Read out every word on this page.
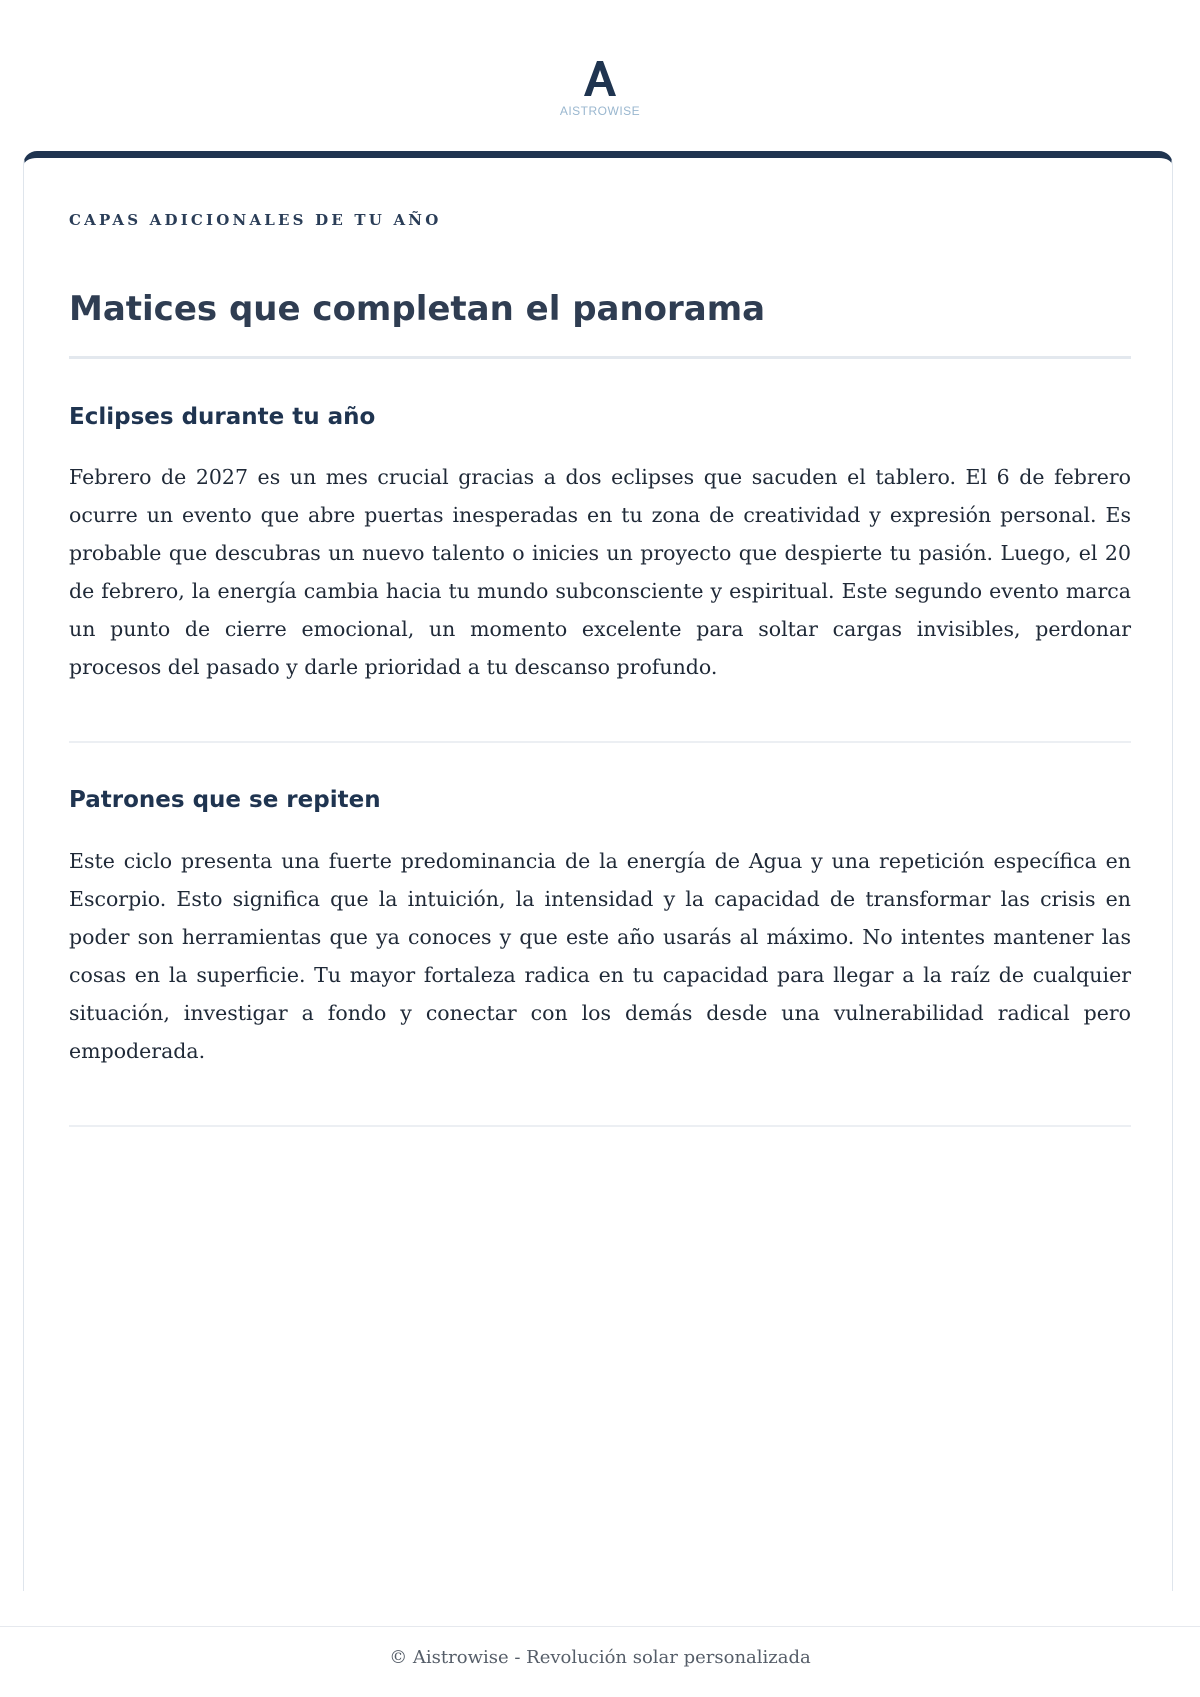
AISTROWISE

CAPAS ADICIONALES DE TU AÑO

Matices que completan el panorama
Eclipses durante tu año

Febrero de 2027 es un mes crucial gracias a dos eclipses que sacuden el tablero. El 6 de febrero ocurre un evento que abre puertas inesperadas en tu zona de creatividad y expresión personal. Es probable que descubras un nuevo talento o inicies un proyecto que despierte tu pasión. Luego, el 20 de febrero, la energía cambia hacia tu mundo subconsciente y espiritual. Este segundo evento marca un punto de cierre emocional, un momento excelente para soltar cargas invisibles, perdonar procesos del pasado y darle prioridad a tu descanso profundo.

Patrones que se repiten

Este ciclo presenta una fuerte predominancia de la energía de Agua y una repetición específica en Escorpio. Esto significa que la intuición, la intensidad y la capacidad de transformar las crisis en poder son herramientas que ya conoces y que este año usarás al máximo. No intentes mantener las cosas en la superficie. Tu mayor fortaleza radica en tu capacidad para llegar a la raíz de cualquier situación, investigar a fondo y conectar con los demás desde una vulnerabilidad radical pero empoderada.

© Aistrowise - Revolución solar personalizada
